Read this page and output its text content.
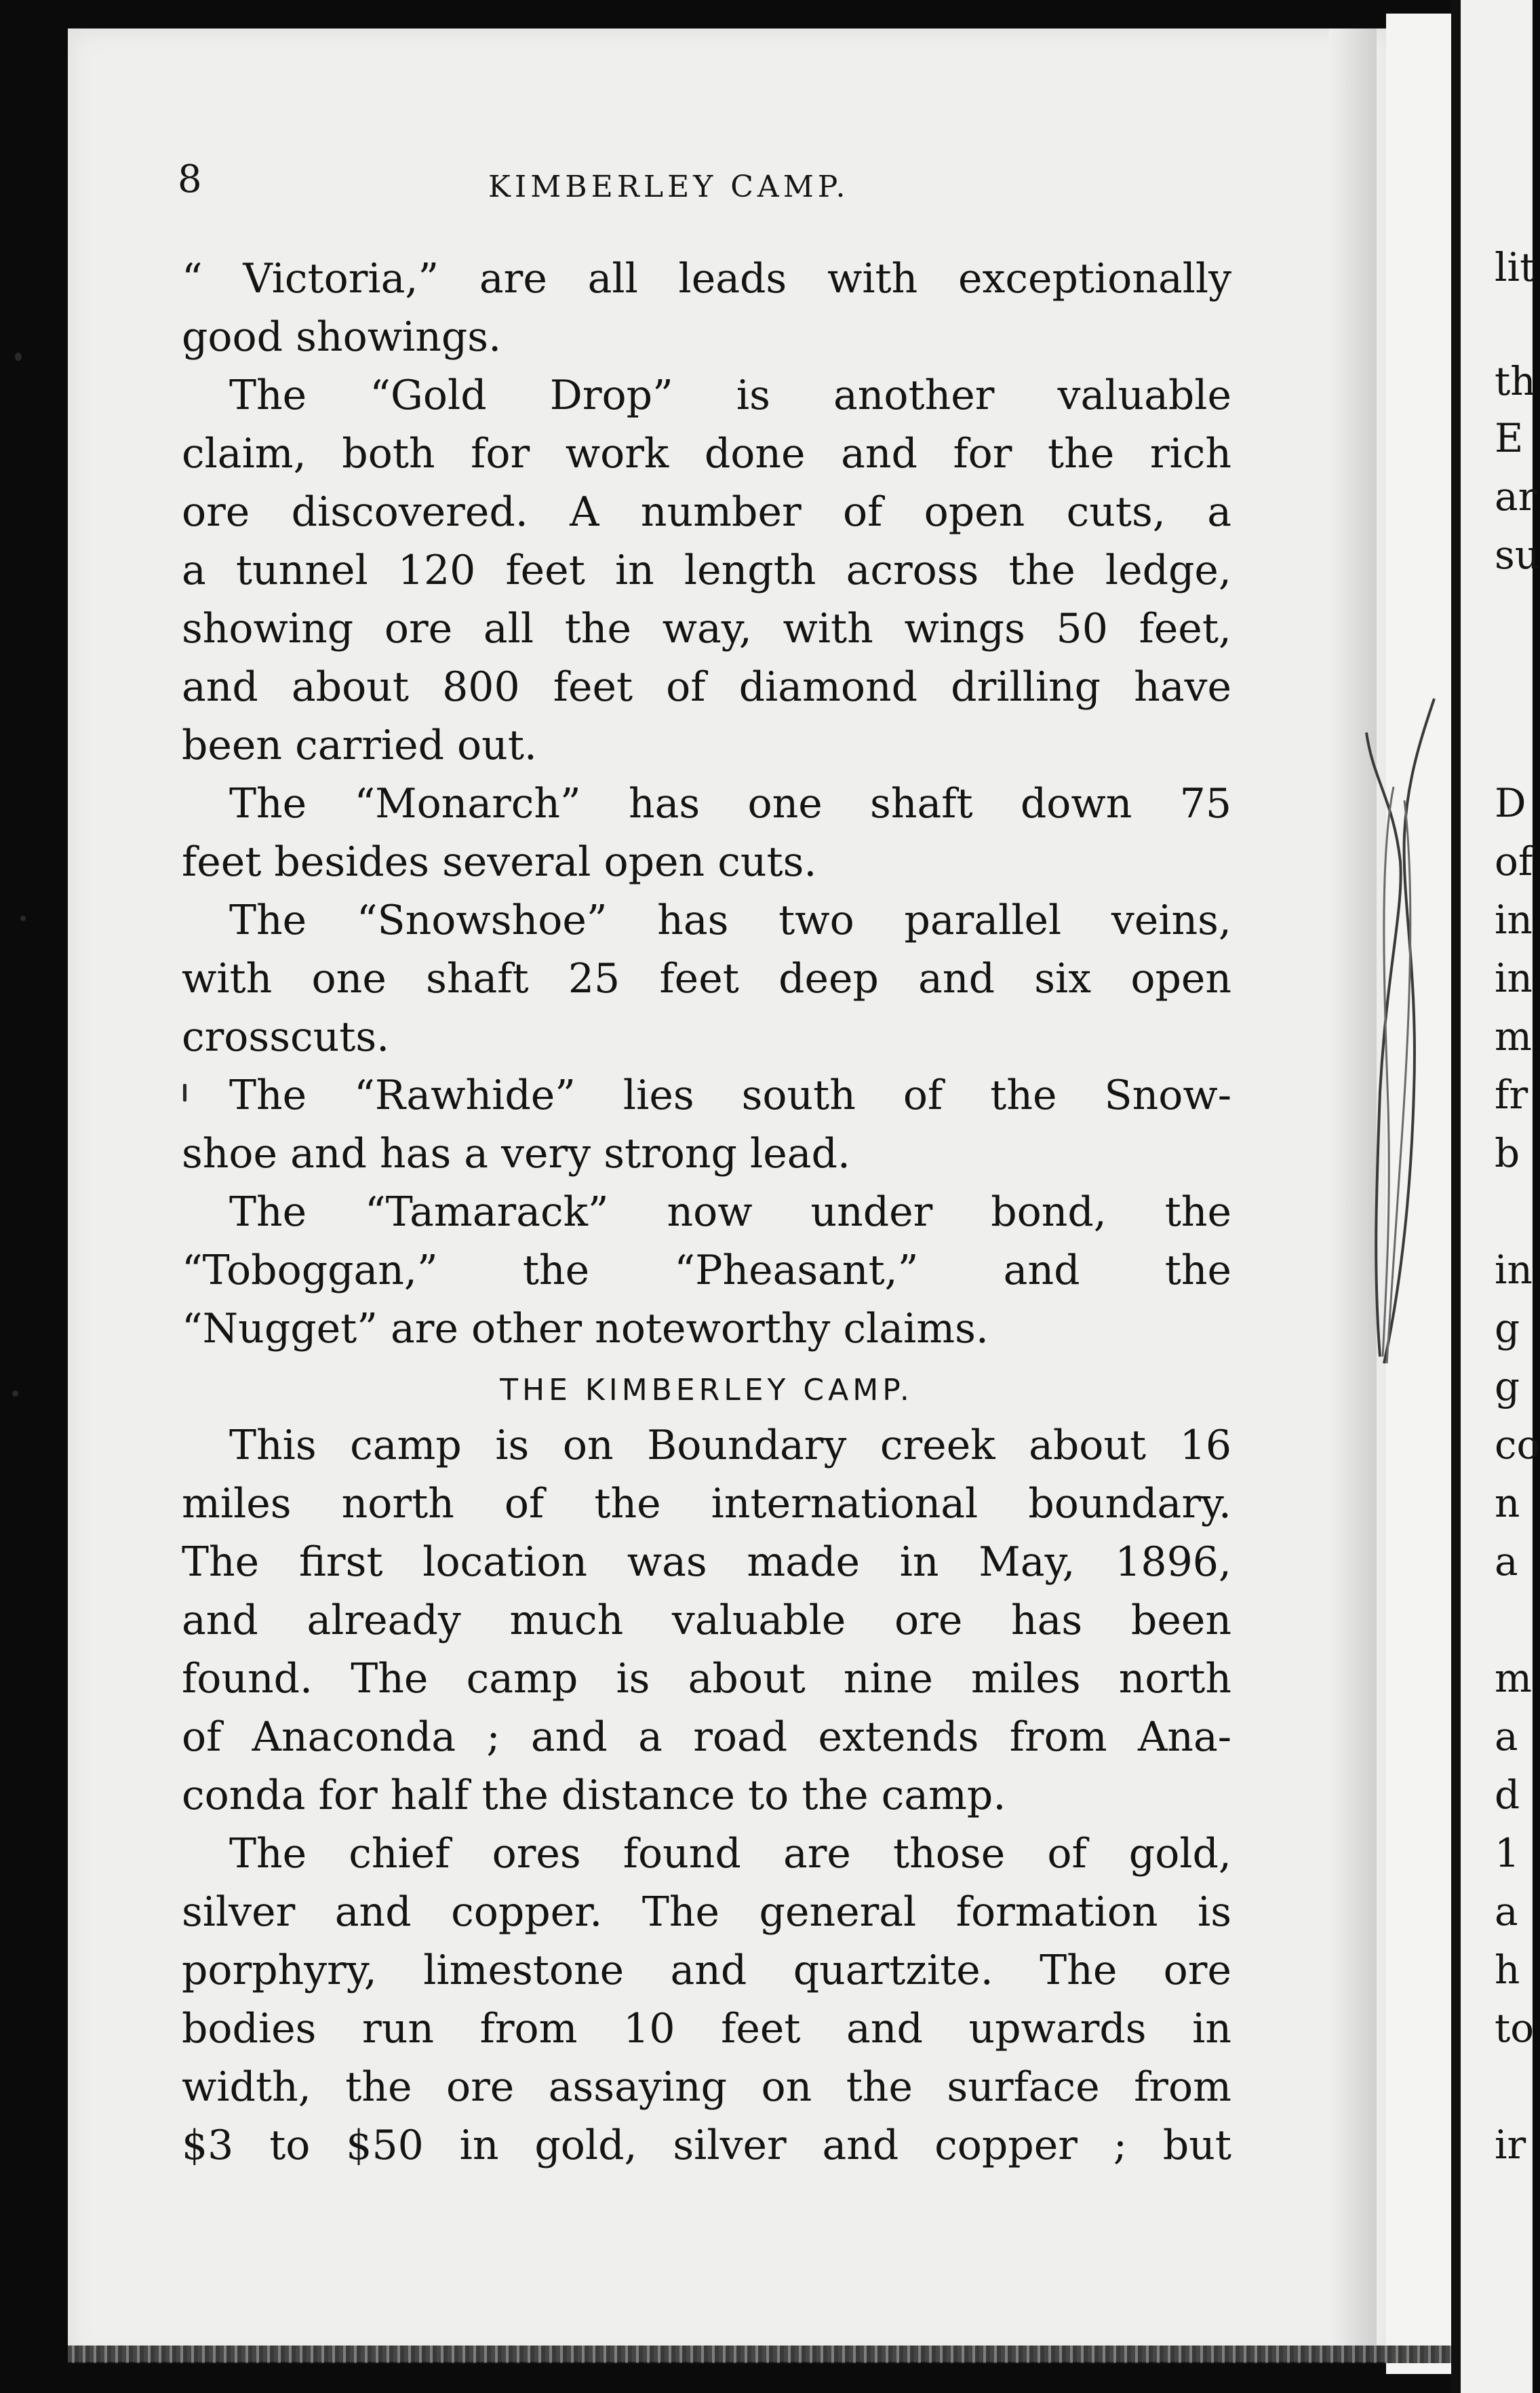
lit
th
E
ar
su
D
of
in
in
m
fr
b
in
g
g
co
n
a
m
a
d
1
a
h
to
ir
8	KIMBERLEY CAMP.
“ Victoria,” are all leads with exceptionally
good showings.
The “Gold Drop” is another valuable
claim, both for work done and for the rich
ore discovered. A number of open cuts, a
a tunnel 120 feet in length across the ledge,
showing ore all the way, with wings 50 feet,
and about 800 feet of diamond drilling have
been carried out.
The “Monarch” has one shaft down 75
feet besides several open cuts.
The “Snowshoe” has two parallel veins,
with one shaft 25 feet deep and six open
crosscuts.
The “Rawhide” lies south of the Snow-
shoe and has a very strong lead.
The “Tamarack” now under bond, the
“Toboggan,” the “Pheasant,” and the
“Nugget” are other noteworthy claims.
THE KIMBERLEY CAMP.
This camp is on Boundary creek about 16
miles north of the international boundary.
The first location was made in May, 1896,
and already much valuable ore has been
found. The camp is about nine miles north
of Anaconda ; and a road extends from Ana-
conda for half the distance to the camp.
The chief ores found are those of gold,
silver and copper. The general formation is
porphyry, limestone and quartzite. The ore
bodies run from 10 feet and upwards in
width, the ore assaying on the surface from
$3 to $50 in gold, silver and copper ; but
